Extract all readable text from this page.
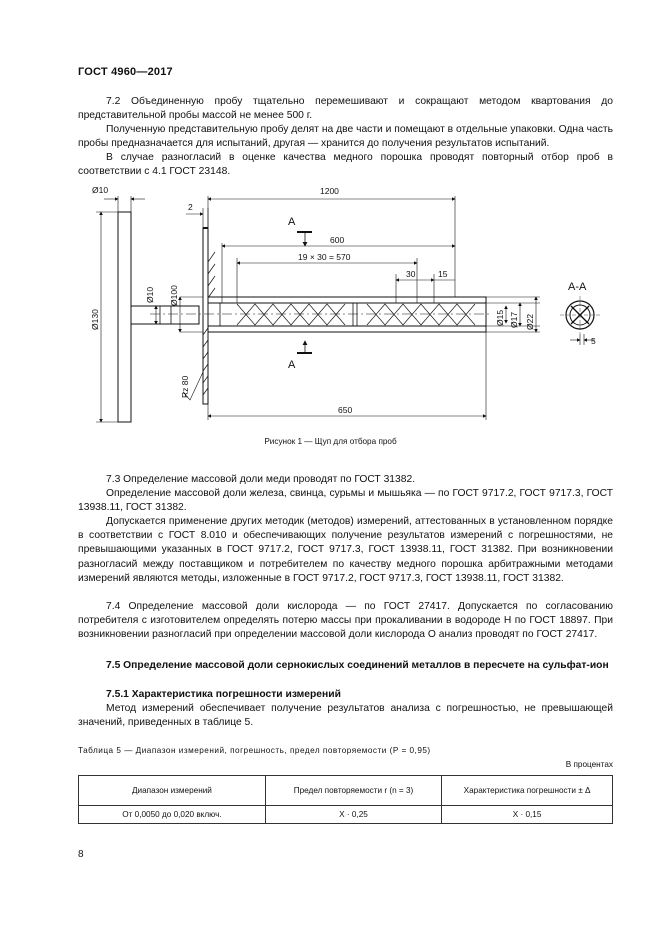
ГОСТ 4960—2017
7.2 Объединенную пробу тщательно перемешивают и сокращают методом квартования до представительной пробы массой не менее 500 г.
Полученную представительную пробу делят на две части и помещают в отдельные упаковки. Одна часть пробы предназначается для испытаний, другая — хранится до получения результатов испытаний.
В случае разногласий в оценке качества медного порошка проводят повторный отбор проб в соответствии с 4.1 ГОСТ 23148.
Ø10
2
1200
600
19 × 30 = 570
30	15
650
А
А
А-А
5
Ø130
Ø10 Ø100
Rz 80
Ø15 Ø17 Ø22
Рисунок 1 — Щуп для отбора проб
7.3 Определение массовой доли меди проводят по ГОСТ 31382.
Определение массовой доли железа, свинца, сурьмы и мышьяка — по ГОСТ 9717.2, ГОСТ 9717.3, ГОСТ 13938.11, ГОСТ 31382.
Допускается применение других методик (методов) измерений, аттестованных в установленном порядке в соответствии с ГОСТ 8.010 и обеспечивающих получение результатов измерений с погрешностями, не превышающими указанных в ГОСТ 9717.2, ГОСТ 9717.3, ГОСТ 13938.11, ГОСТ 31382. При возникновении разногласий между поставщиком и потребителем по качеству медного порошка арбитражными методами измерений являются методы, изложенные в ГОСТ 9717.2, ГОСТ 9717.3, ГОСТ 13938.11, ГОСТ 31382.
7.4 Определение массовой доли кислорода — по ГОСТ 27417. Допускается по согласованию потребителя с изготовителем определять потерю массы при прокаливании в водороде Н по ГОСТ 18897. При возникновении разногласий при определении массовой доли кислорода О анализ проводят по ГОСТ 27417.
7.5 Определение массовой доли сернокислых соединений металлов в пересчете на сульфат-ион
7.5.1 Характеристика погрешности измерений
Метод измерений обеспечивает получение результатов анализа с погрешностью, не превышающей значений, приведенных в таблице 5.
Таблица 5 — Диапазон измерений, погрешность, предел повторяемости (P = 0,95)
В процентах
Диапазон измерений	Предел повторяемости r (n = 3)	Характеристика погрешности ± Δ
От 0,0050 до 0,020 включ.	X · 0,25	X · 0,15
8
